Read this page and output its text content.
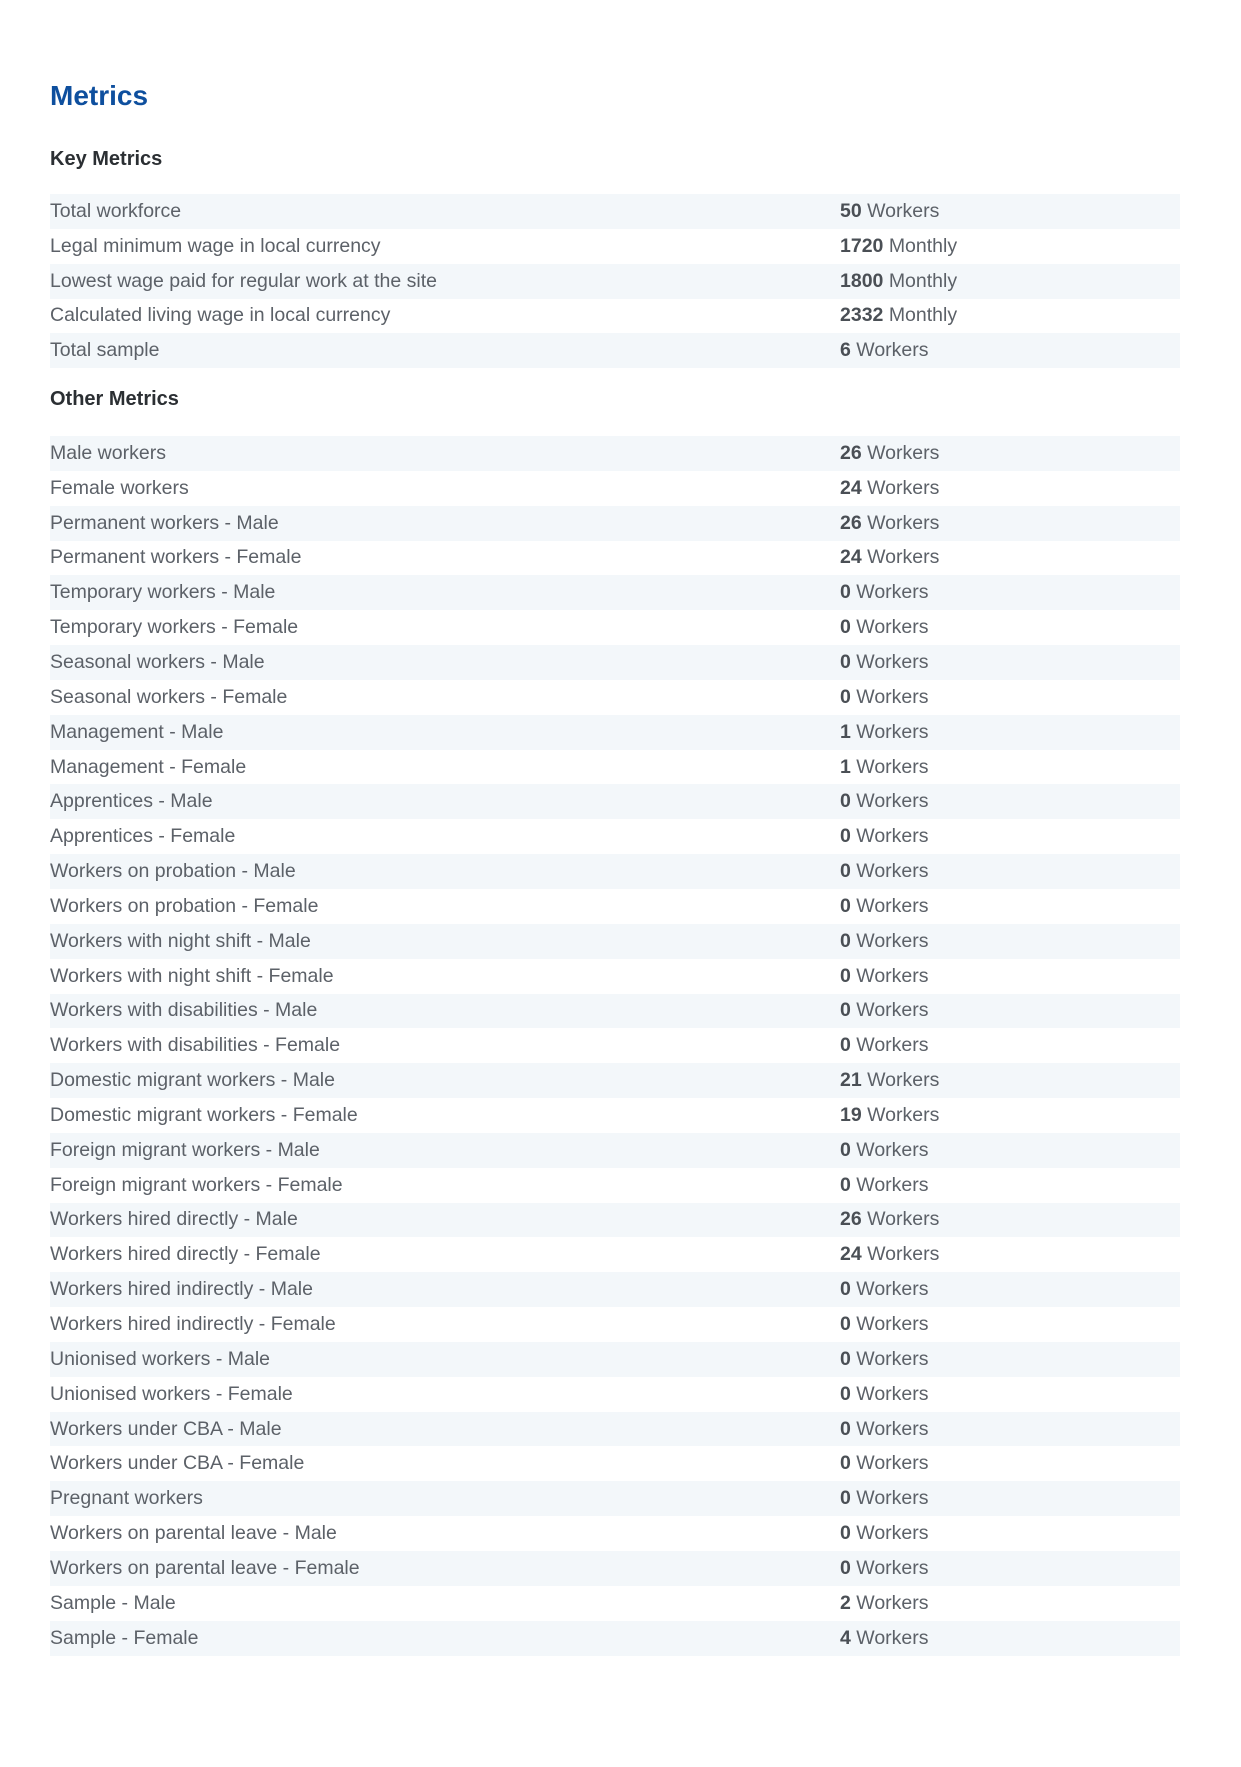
Metrics
Key Metrics
Total workforce	50 Workers
Legal minimum wage in local currency	1720 Monthly
Lowest wage paid for regular work at the site	1800 Monthly
Calculated living wage in local currency	2332 Monthly
Total sample	6 Workers
Other Metrics
Male workers	26 Workers
Female workers	24 Workers
Permanent workers - Male	26 Workers
Permanent workers - Female	24 Workers
Temporary workers - Male	0 Workers
Temporary workers - Female	0 Workers
Seasonal workers - Male	0 Workers
Seasonal workers - Female	0 Workers
Management - Male	1 Workers
Management - Female	1 Workers
Apprentices - Male	0 Workers
Apprentices - Female	0 Workers
Workers on probation - Male	0 Workers
Workers on probation - Female	0 Workers
Workers with night shift - Male	0 Workers
Workers with night shift - Female	0 Workers
Workers with disabilities - Male	0 Workers
Workers with disabilities - Female	0 Workers
Domestic migrant workers - Male	21 Workers
Domestic migrant workers - Female	19 Workers
Foreign migrant workers - Male	0 Workers
Foreign migrant workers - Female	0 Workers
Workers hired directly - Male	26 Workers
Workers hired directly - Female	24 Workers
Workers hired indirectly - Male	0 Workers
Workers hired indirectly - Female	0 Workers
Unionised workers - Male	0 Workers
Unionised workers - Female	0 Workers
Workers under CBA - Male	0 Workers
Workers under CBA - Female	0 Workers
Pregnant workers	0 Workers
Workers on parental leave - Male	0 Workers
Workers on parental leave - Female	0 Workers
Sample - Male	2 Workers
Sample - Female	4 Workers
